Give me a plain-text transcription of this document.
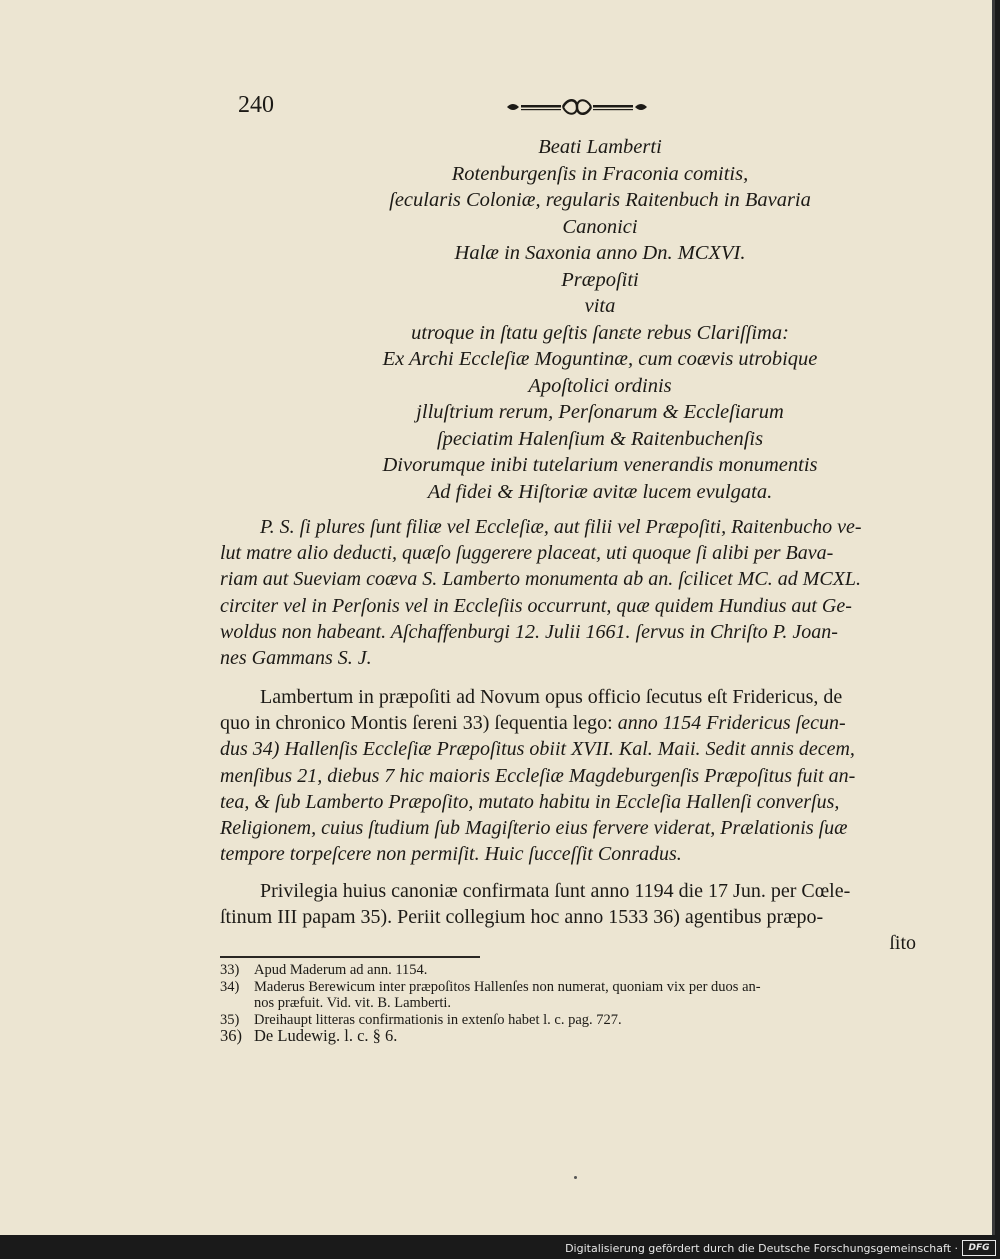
240
Beati Lamberti
Rotenburgenſis in Fraconia comitis,
ſecularis Coloniæ, regularis Raitenbuch in Bavaria
Canonici
Halæ in Saxonia anno Dn. MCXVI.
Præpoſiti
vita
utroque in ſtatu geſtis ſanɛte rebus Clariſſima:
Ex Archi Eccleſiæ Moguntinæ, cum coævis utrobique
Apoſtolici ordinis
jlluſtrium rerum, Perſonarum & Eccleſiarum
ſpeciatim Halenſium & Raitenbuchenſis
Divorumque inibi tutelarium venerandis monumentis
Ad fidei & Hiſtoriæ avitæ lucem evulgata.
P. S. ſi plures ſunt filiæ vel Eccleſiæ, aut filii vel Præpoſiti, Raitenbucho ve-
lut matre alio deducti, quæſo ſuggerere placeat, uti quoque ſi alibi per Bava-
riam aut Sueviam coæva S. Lamberto monumenta ab an. ſcilicet MC. ad MCXL.
circiter vel in Perſonis vel in Eccleſiis occurrunt, quæ quidem Hundius aut Ge-
woldus non habeant. Aſchaffenburgi 12. Julii 1661. ſervus in Chriſto P. Joan-
nes Gammans S. J.
Lambertum in præpoſiti ad Novum opus officio ſecutus eſt Fridericus, de
quo in chronico Montis ſereni 33) ſequentia lego: anno 1154 Fridericus ſecun-
dus 34) Hallenſis Eccleſiæ Præpoſitus obiit XVII. Kal. Maii. Sedit annis decem,
menſibus 21, diebus 7 hic maioris Eccleſiæ Magdeburgenſis Præpoſitus fuit an-
tea, & ſub Lamberto Præpoſito, mutato habitu in Eccleſia Hallenſi converſus,
Religionem, cuius ſtudium ſub Magiſterio eius fervere viderat, Prælationis ſuæ
tempore torpeſcere non permiſit. Huic ſucceſſit Conradus.
Privilegia huius canoniæ confirmata ſunt anno 1194 die 17 Jun. per Cœle-
ſtinum III papam 35). Periit collegium hoc anno 1533 36) agentibus præpo-
ſito
33) Apud Maderum ad ann. 1154.
34) Maderus Berewicum inter præpoſitos Hallenſes non numerat, quoniam vix per duos an-
nos præfuit. Vid. vit. B. Lamberti.
35) Dreihaupt litteras confirmationis in extenſo habet l. c. pag. 727.
36) De Ludewig. l. c. § 6.
Digitalisierung gefördert durch die Deutsche Forschungsgemeinschaft ·	DFG
